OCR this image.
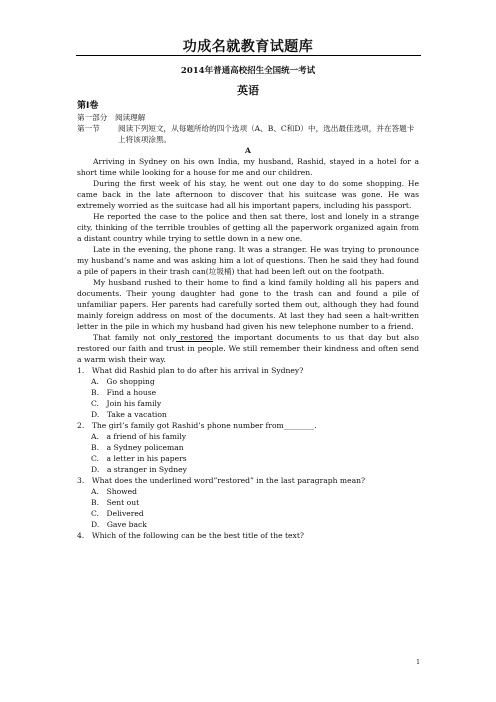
功成名就教育试题库
2014年普通高校招生全国统一考试
英语
第Ⅰ卷
第一部分　阅读理解
第一节	阅读下列短文，从每题所给的四个选项（A、B、C和D）中，选出最佳选项，并在答题卡上将该项涂黑。
A

Arriving in Sydney on his own India, my husband, Rashid, stayed in a hotel for a short time while looking for a house for me and our children.

During the first week of his stay, he went out one day to do some shopping. He came back in the late afternoon to discover that his suitcase was gone. He was extremely worried as the suitcase had all his important papers, including his passport.

He reported the case to the police and then sat there, lost and lonely in a strange city, thinking of the terrible troubles of getting all the paperwork organized again from a distant country while trying to settle down in a new one.

Late in the evening, the phone rang. It was a stranger. He was trying to pronounce my husband’s name and was asking him a lot of questions. Then he said they had found a pile of papers in their trash can(垃圾桶) that had been left out on the footpath.

My husband rushed to their home to find a kind family holding all his papers and documents. Their young daughter had gone to the trash can and found a pile of unfamiliar papers. Her parents had carefully sorted them out, although they had found mainly foreign address on most of the documents. At last they had seen a halt-written letter in the pile in which my husband had given his new telephone number to a friend.

That family not only restored the important documents to us that day but also restored our faith and trust in people. We still remember their kindness and often send a warm wish their way.

1.　What did Rashid plan to do after his arrival in Sydney?
A.　Go shopping
B.　Find a house
C.　Join his family
D.　Take a vacation
2.　The girl’s family got Rashid’s phone number from________.
A.　a friend of his family
B.　a Sydney policeman
C.　a letter in his papers
D.　a stranger in Sydney
3.　What does the underlined word”restored” in the last paragraph mean?
A.　Showed
B.　Sent out
C.　Delivered
D.　Gave back
4.　Which of the following can be the best title of the text?
1
